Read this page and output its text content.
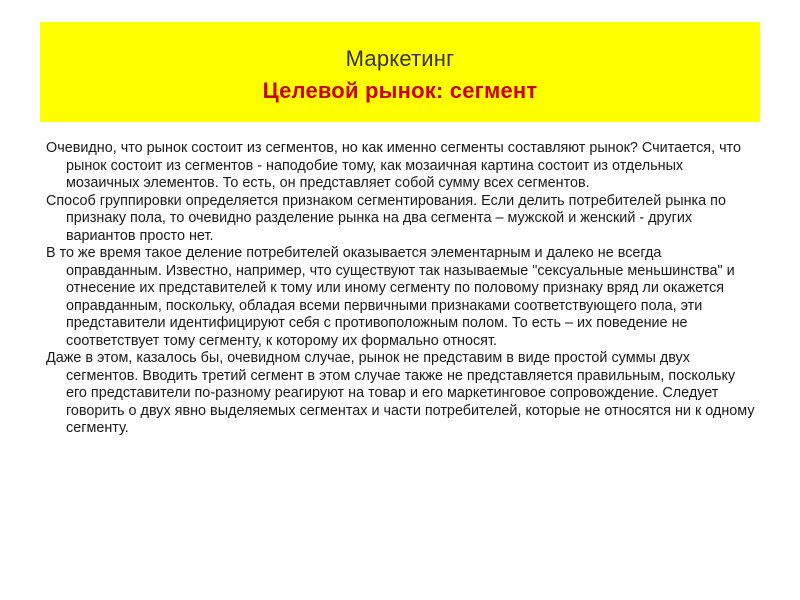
Маркетинг
Целевой рынок: сегмент

Очевидно, что рынок состоит из сегментов, но как именно сегменты составляют рынок? Считается, что рынок состоит из сегментов - наподобие тому, как мозаичная картина состоит из отдельных мозаичных элементов. То есть, он представляет собой сумму всех сегментов.

Способ группировки определяется признаком сегментирования. Если делить потребителей рынка по признаку пола, то очевидно разделение рынка на два сегмента – мужской и женский - других вариантов просто нет.

В то же время такое деление потребителей оказывается элементарным и далеко не всегда оправданным. Известно, например, что существуют так называемые "сексуальные меньшинства" и отнесение их представителей к тому или иному сегменту по половому признаку вряд ли окажется оправданным, поскольку, обладая всеми первичными признаками соответствующего пола, эти представители идентифицируют себя с противоположным полом. То есть – их поведение не соответствует тому сегменту, к которому их формально относят.

Даже в этом, казалось бы, очевидном случае, рынок не представим в виде простой суммы двух сегментов. Вводить третий сегмент в этом случае также не представляется правильным, поскольку его представители по-разному реагируют на товар и его маркетинговое сопровождение. Следует говорить о двух явно выделяемых сегментах и части потребителей, которые не относятся ни к одному сегменту.
